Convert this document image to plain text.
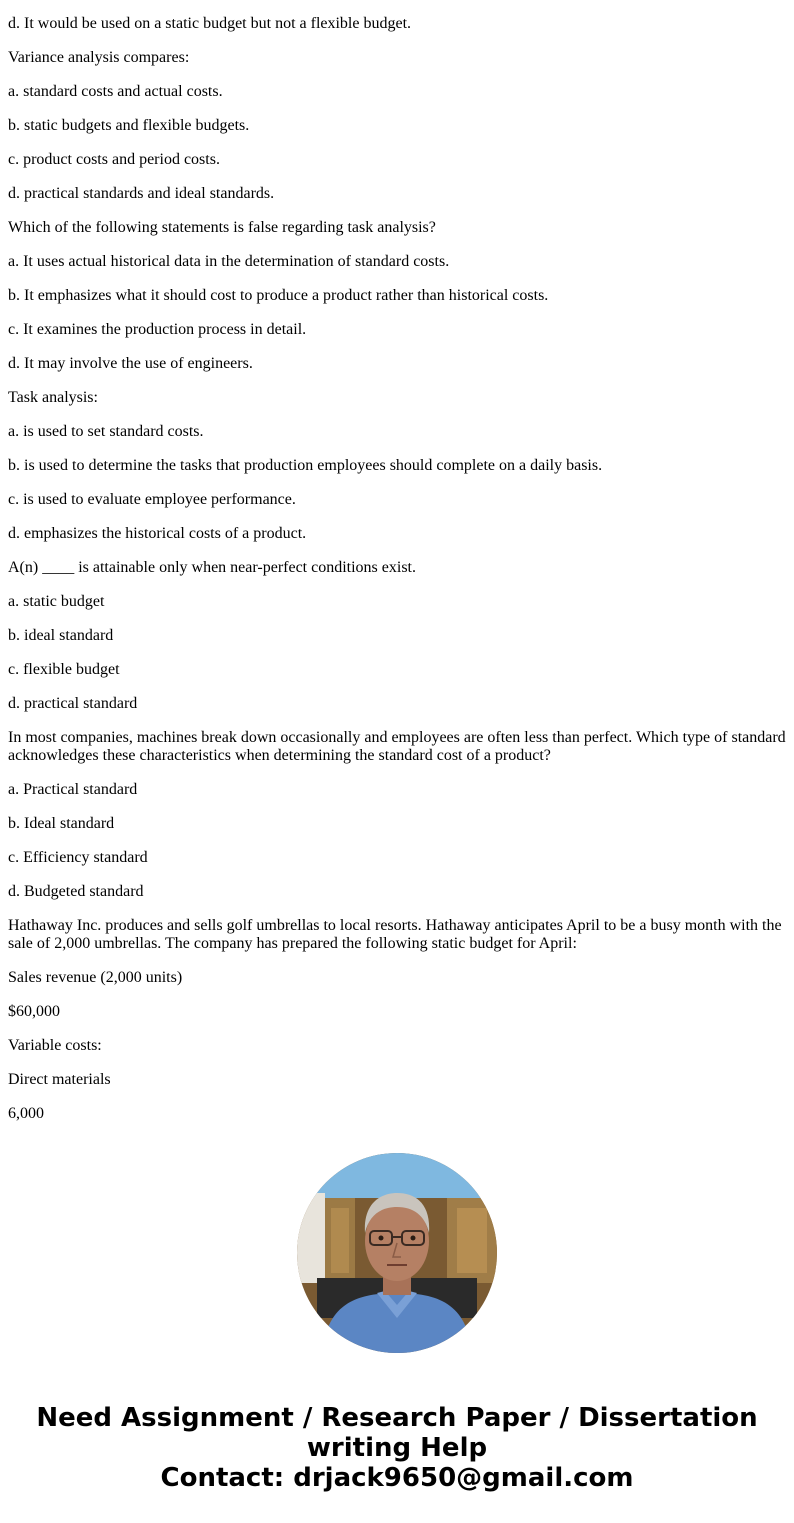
d. It would be used on a static budget but not a flexible budget.

Variance analysis compares:

a. standard costs and actual costs.

b. static budgets and flexible budgets.

c. product costs and period costs.

d. practical standards and ideal standards.

Which of the following statements is false regarding task analysis?

a. It uses actual historical data in the determination of standard costs.

b. It emphasizes what it should cost to produce a product rather than historical costs.

c. It examines the production process in detail.

d. It may involve the use of engineers.

Task analysis:

a. is used to set standard costs.

b. is used to determine the tasks that production employees should complete on a daily basis.

c. is used to evaluate employee performance.

d. emphasizes the historical costs of a product.

A(n) ____ is attainable only when near-perfect conditions exist.

a. static budget

b. ideal standard

c. flexible budget

d. practical standard

In most companies, machines break down occasionally and employees are often less than perfect. Which type of standard acknowledges these characteristics when determining the standard cost of a product?

a. Practical standard

b. Ideal standard

c. Efficiency standard

d. Budgeted standard

Hathaway Inc. produces and sells golf umbrellas to local resorts. Hathaway anticipates April to be a busy month with the sale of 2,000 umbrellas. The company has prepared the following static budget for April:

Sales revenue (2,000 units)

$60,000

Variable costs:

Direct materials

6,000

Need Assignment / Research Paper / Dissertation
writing Help
Contact: drjack9650@gmail.com
